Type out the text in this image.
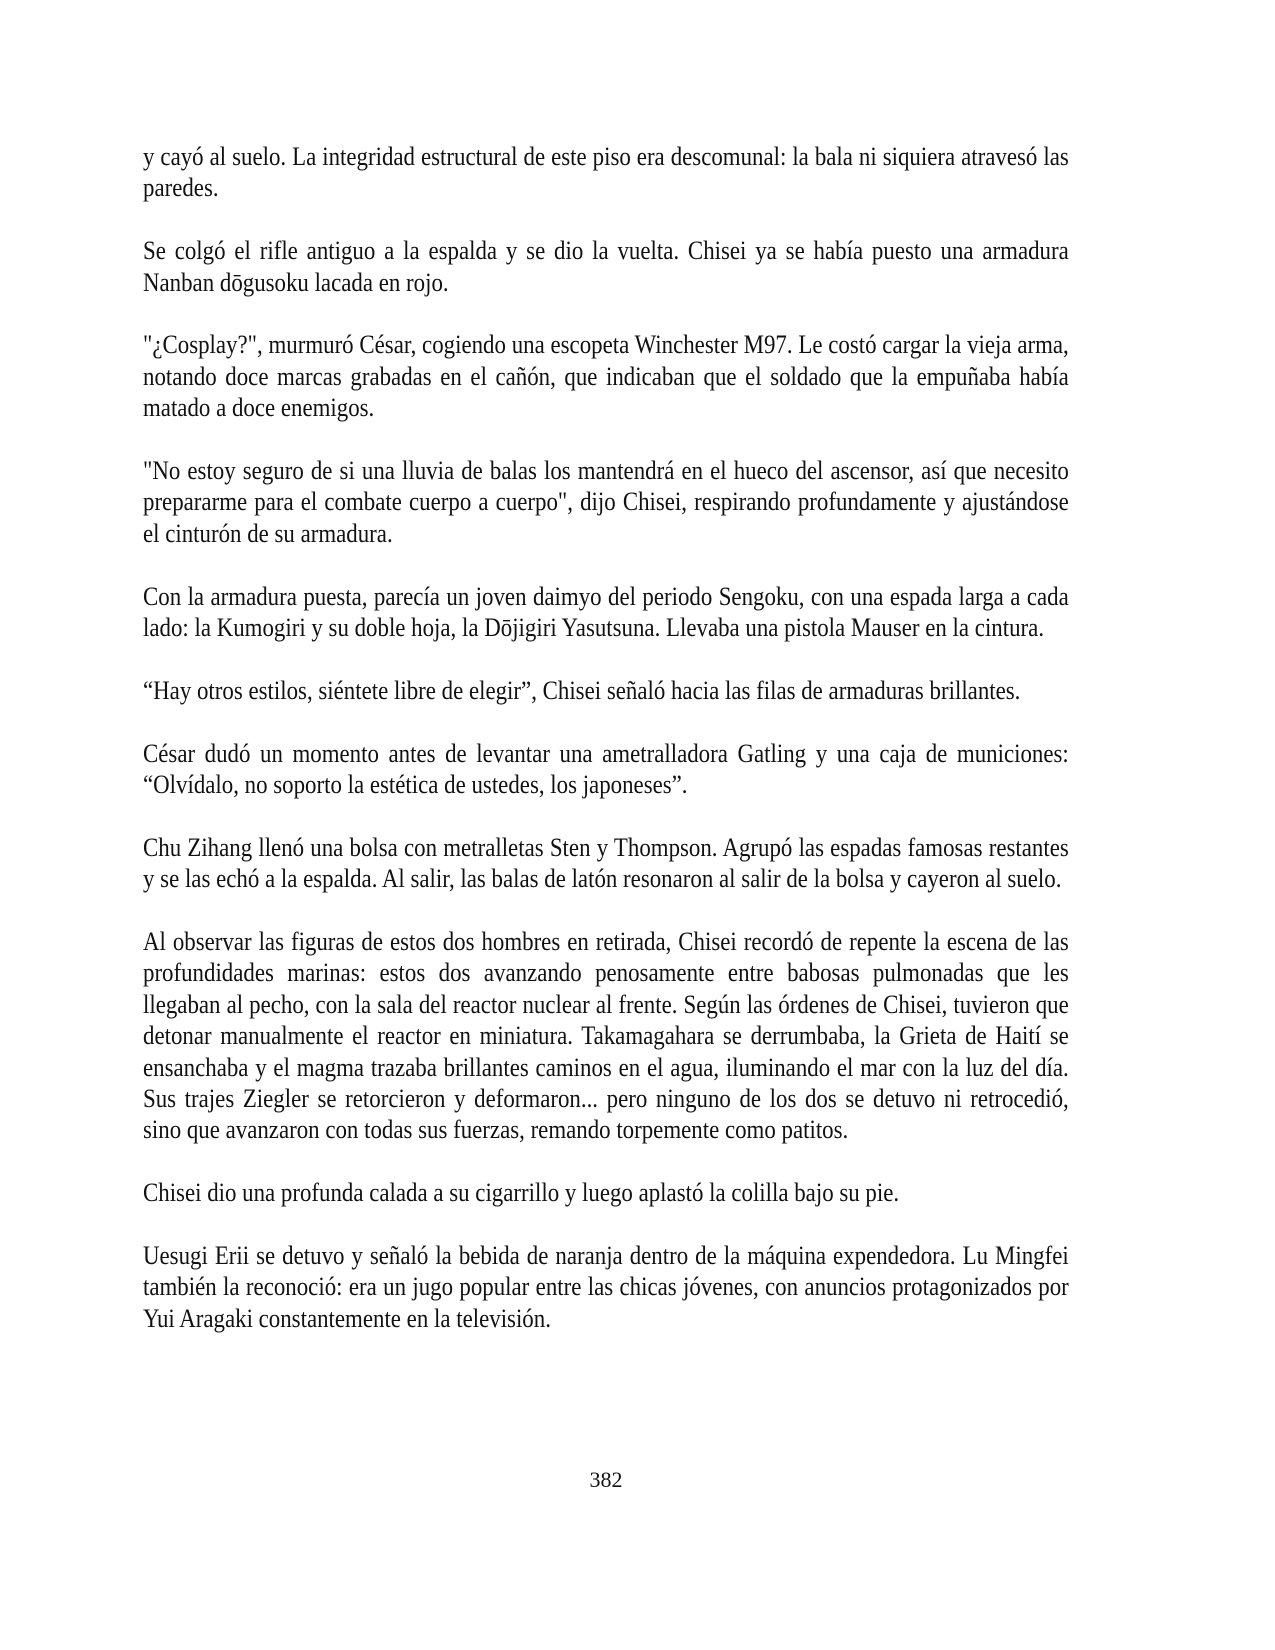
y cayó al suelo. La integridad estructural de este piso era descomunal: la bala ni siquiera atravesó las paredes.

Se colgó el rifle antiguo a la espalda y se dio la vuelta. Chisei ya se había puesto una armadura Nanban dōgusoku lacada en rojo.

"¿Cosplay?", murmuró César, cogiendo una escopeta Winchester M97. Le costó cargar la vieja arma, notando doce marcas grabadas en el cañón, que indicaban que el soldado que la empuñaba había matado a doce enemigos.

"No estoy seguro de si una lluvia de balas los mantendrá en el hueco del ascensor, así que necesito prepararme para el combate cuerpo a cuerpo", dijo Chisei, respirando profundamente y ajustándose el cinturón de su armadura.

Con la armadura puesta, parecía un joven daimyo del periodo Sengoku, con una espada larga a cada lado: la Kumogiri y su doble hoja, la Dōjigiri Yasutsuna. Llevaba una pistola Mauser en la cintura.

“Hay otros estilos, siéntete libre de elegir”, Chisei señaló hacia las filas de armaduras brillantes.

César dudó un momento antes de levantar una ametralladora Gatling y una caja de municiones: “Olvídalo, no soporto la estética de ustedes, los japoneses”.

Chu Zihang llenó una bolsa con metralletas Sten y Thompson. Agrupó las espadas famosas restantes y se las echó a la espalda. Al salir, las balas de latón resonaron al salir de la bolsa y cayeron al suelo.

Al observar las figuras de estos dos hombres en retirada, Chisei recordó de repente la escena de las profundidades marinas: estos dos avanzando penosamente entre babosas pulmonadas que les llegaban al pecho, con la sala del reactor nuclear al frente. Según las órdenes de Chisei, tuvieron que detonar manualmente el reactor en miniatura. Takamagahara se derrumbaba, la Grieta de Haití se ensanchaba y el magma trazaba brillantes caminos en el agua, iluminando el mar con la luz del día. Sus trajes Ziegler se retorcieron y deformaron... pero ninguno de los dos se detuvo ni retrocedió, sino que avanzaron con todas sus fuerzas, remando torpemente como patitos.

Chisei dio una profunda calada a su cigarrillo y luego aplastó la colilla bajo su pie.

Uesugi Erii se detuvo y señaló la bebida de naranja dentro de la máquina expendedora. Lu Mingfei también la reconoció: era un jugo popular entre las chicas jóvenes, con anuncios protagonizados por Yui Aragaki constantemente en la televisión.

382
